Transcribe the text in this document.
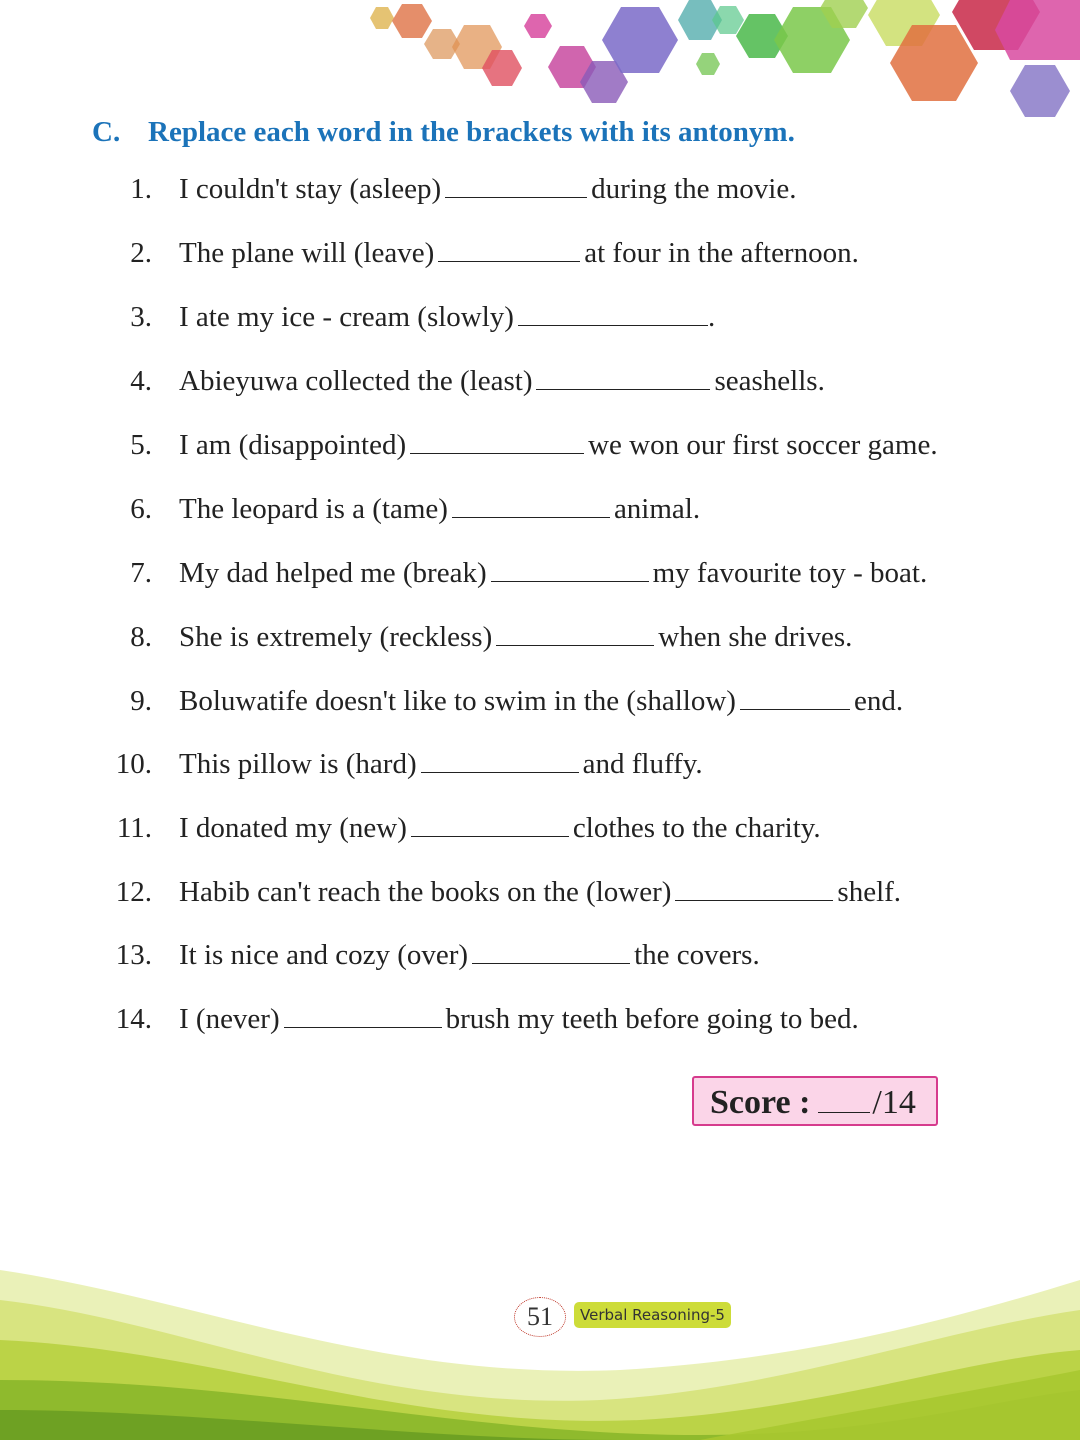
C. Replace each word in the brackets with its antonym.
1. I couldn't stay (asleep)	during the movie.
2. The plane will (leave)	at four in the afternoon.
3. I ate my ice - cream (slowly)	.
4. Abieyuwa collected the (least)	seashells.
5. I am (disappointed)	we won our first soccer game.
6. The leopard is a (tame)	animal.
7. My dad helped me (break)	my favourite toy - boat.
8. She is extremely (reckless)	when she drives.
9. Boluwatife doesn't like to swim in the (shallow)	end.
10. This pillow is (hard)	and fluffy.
11. I donated my (new)	clothes to the charity.
12. Habib can't reach the books on the (lower)	shelf.
13. It is nice and cozy (over)	the covers.
14. I (never)	brush my teeth before going to bed.
Score : /14
51	Verbal Reasoning-5
